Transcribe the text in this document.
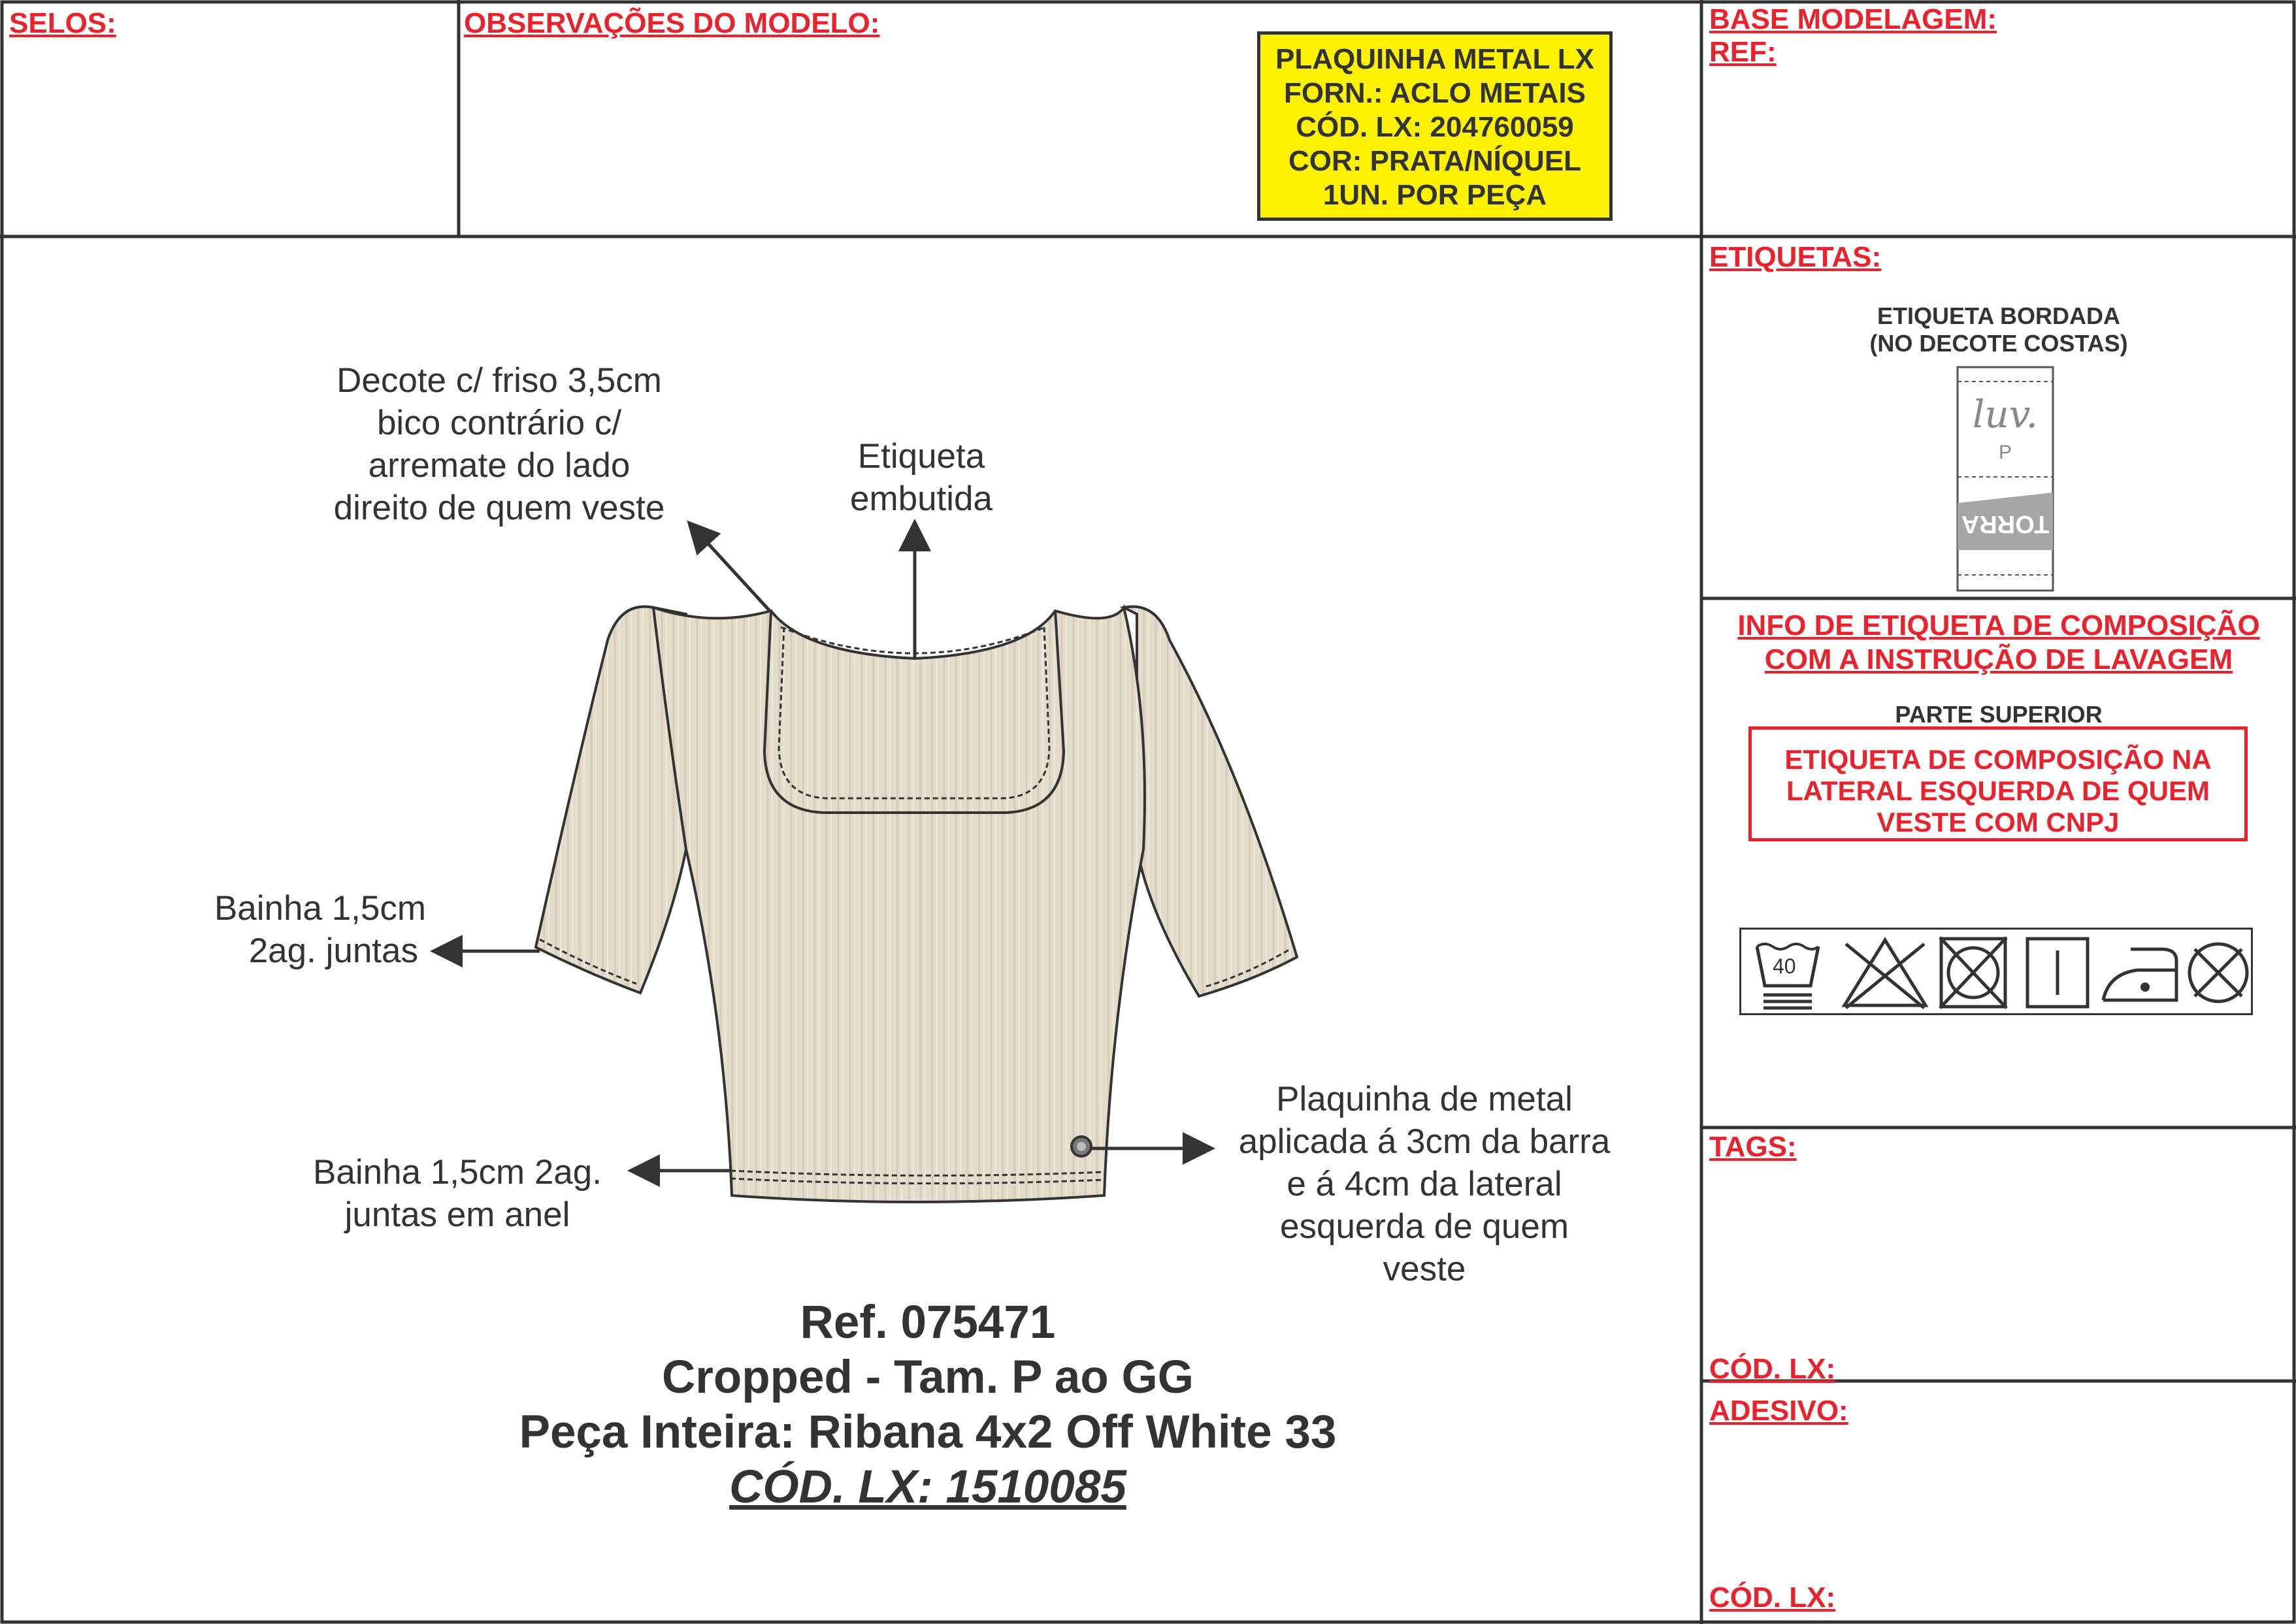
SELOS:	OBSERVAÇÕES DO MODELO:	BASE MODELAGEM:
REF:
ETIQUETAS:
INFO DE ETIQUETA DE COMPOSIÇÃO
COM A INSTRUÇÃO DE LAVAGEM
TAGS:
CÓD. LX:
ADESIVO:
CÓD. LX:
PLAQUINHA METAL LX
FORN.: ACLO METAIS
CÓD. LX: 204760059
COR: PRATA/NÍQUEL
1UN. POR PEÇA
ETIQUETA BORDADA
(NO DECOTE COSTAS)
luv.
P
TORRA
PARTE SUPERIOR
ETIQUETA DE COMPOSIÇÃO NA
LATERAL ESQUERDA DE QUEM
VESTE COM CNPJ
40
Decote c/ friso 3,5cm
bico contrário c/
arremate do lado
direito de quem veste
Etiqueta
embutida
Bainha 1,5cm
2ag. juntas
Bainha 1,5cm 2ag.
juntas em anel
Plaquinha de metal
aplicada á 3cm da barra
e á 4cm da lateral
esquerda de quem
veste
Ref. 075471
Cropped - Tam. P ao GG
Peça Inteira: Ribana 4x2 Off White 33
CÓD. LX: 1510085
